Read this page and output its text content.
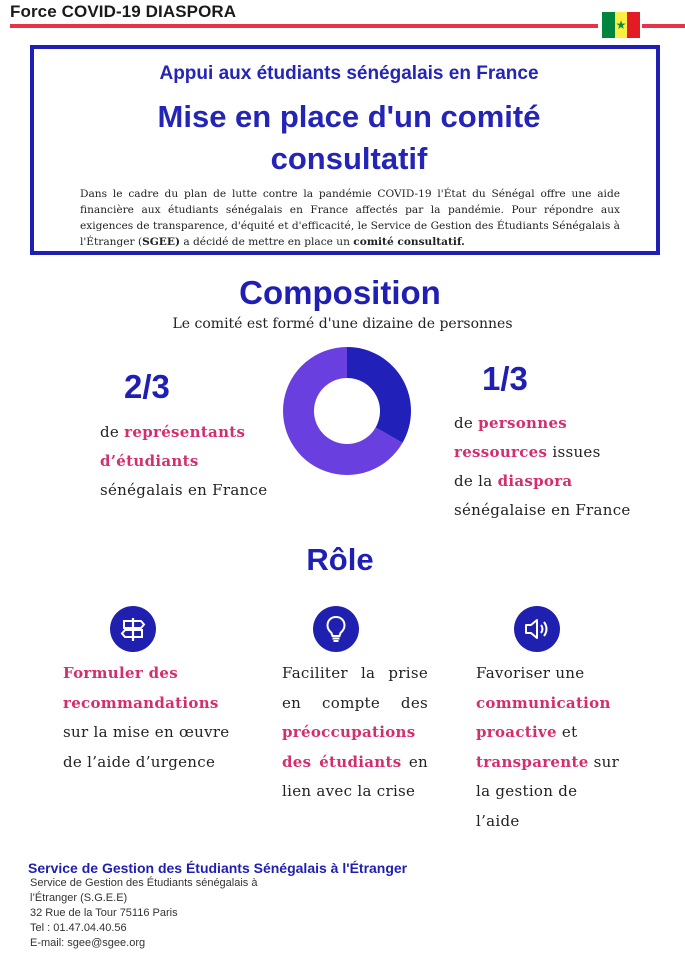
Force COVID-19 DIASPORA
★
Appui aux étudiants sénégalais en France
Mise en place d'un comité
consultatif
Dans le cadre du plan de lutte contre la pandémie COVID-19 l'État du Sénégal offre une aide financière aux étudiants sénégalais en France affectés par la pandémie. Pour répondre aux exigences de transparence, d'équité et d'efficacité, le Service de Gestion des Étudiants Sénégalais à l'Étranger (SGEE) a décidé de mettre en place un comité consultatif.
Composition
Le comité est formé d'une dizaine de personnes
2/3	1/3
de représentants
d’étudiants
sénégalais en France
de personnes
ressources issues
de la diaspora
sénégalaise en France
Rôle
Formuler des
recommandations
sur la mise en œuvre
de l’aide d’urgence
Faciliter la prise
en compte des
préoccupations
des étudiants en
lien avec la crise
Favoriser une
communication
proactive et
transparente sur
la gestion de
l’aide
Service de Gestion des Étudiants Sénégalais à l'Étranger
Service de Gestion des Étudiants sénégalais à l’Étranger (S.G.E.E)
32 Rue de la Tour 75116 Paris
Tel : 01.47.04.40.56
E-mail: sgee@sgee.org
